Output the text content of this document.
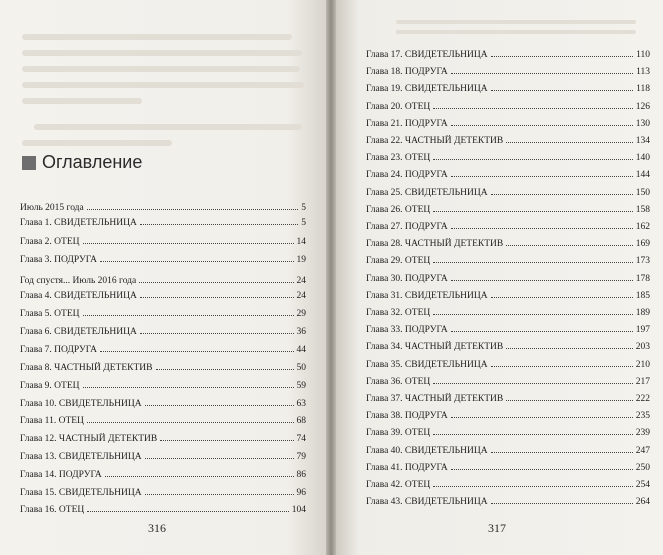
Оглавление
Июль 2015 года	5
Глава 1. СВИДЕТЕЛЬНИЦА	5
Глава 2. ОТЕЦ	14
Глава 3. ПОДРУГА	19
Год спустя... Июль 2016 года	24
Глава 4. СВИДЕТЕЛЬНИЦА	24
Глава 5. ОТЕЦ	29
Глава 6. СВИДЕТЕЛЬНИЦА	36
Глава 7. ПОДРУГА	44
Глава 8. ЧАСТНЫЙ ДЕТЕКТИВ	50
Глава 9. ОТЕЦ	59
Глава 10. СВИДЕТЕЛЬНИЦА	63
Глава 11. ОТЕЦ	68
Глава 12. ЧАСТНЫЙ ДЕТЕКТИВ	74
Глава 13. СВИДЕТЕЛЬНИЦА	79
Глава 14. ПОДРУГА	86
Глава 15. СВИДЕТЕЛЬНИЦА	96
Глава 16. ОТЕЦ	104
316
Глава 17. СВИДЕТЕЛЬНИЦА	110
Глава 18. ПОДРУГА	113
Глава 19. СВИДЕТЕЛЬНИЦА	118
Глава 20. ОТЕЦ	126
Глава 21. ПОДРУГА	130
Глава 22. ЧАСТНЫЙ ДЕТЕКТИВ	134
Глава 23. ОТЕЦ	140
Глава 24. ПОДРУГА	144
Глава 25. СВИДЕТЕЛЬНИЦА	150
Глава 26. ОТЕЦ	158
Глава 27. ПОДРУГА	162
Глава 28. ЧАСТНЫЙ ДЕТЕКТИВ	169
Глава 29. ОТЕЦ	173
Глава 30. ПОДРУГА	178
Глава 31. СВИДЕТЕЛЬНИЦА	185
Глава 32. ОТЕЦ	189
Глава 33. ПОДРУГА	197
Глава 34. ЧАСТНЫЙ ДЕТЕКТИВ	203
Глава 35. СВИДЕТЕЛЬНИЦА	210
Глава 36. ОТЕЦ	217
Глава 37. ЧАСТНЫЙ ДЕТЕКТИВ	222
Глава 38. ПОДРУГА	235
Глава 39. ОТЕЦ	239
Глава 40. СВИДЕТЕЛЬНИЦА	247
Глава 41. ПОДРУГА	250
Глава 42. ОТЕЦ	254
Глава 43. СВИДЕТЕЛЬНИЦА	264
317
